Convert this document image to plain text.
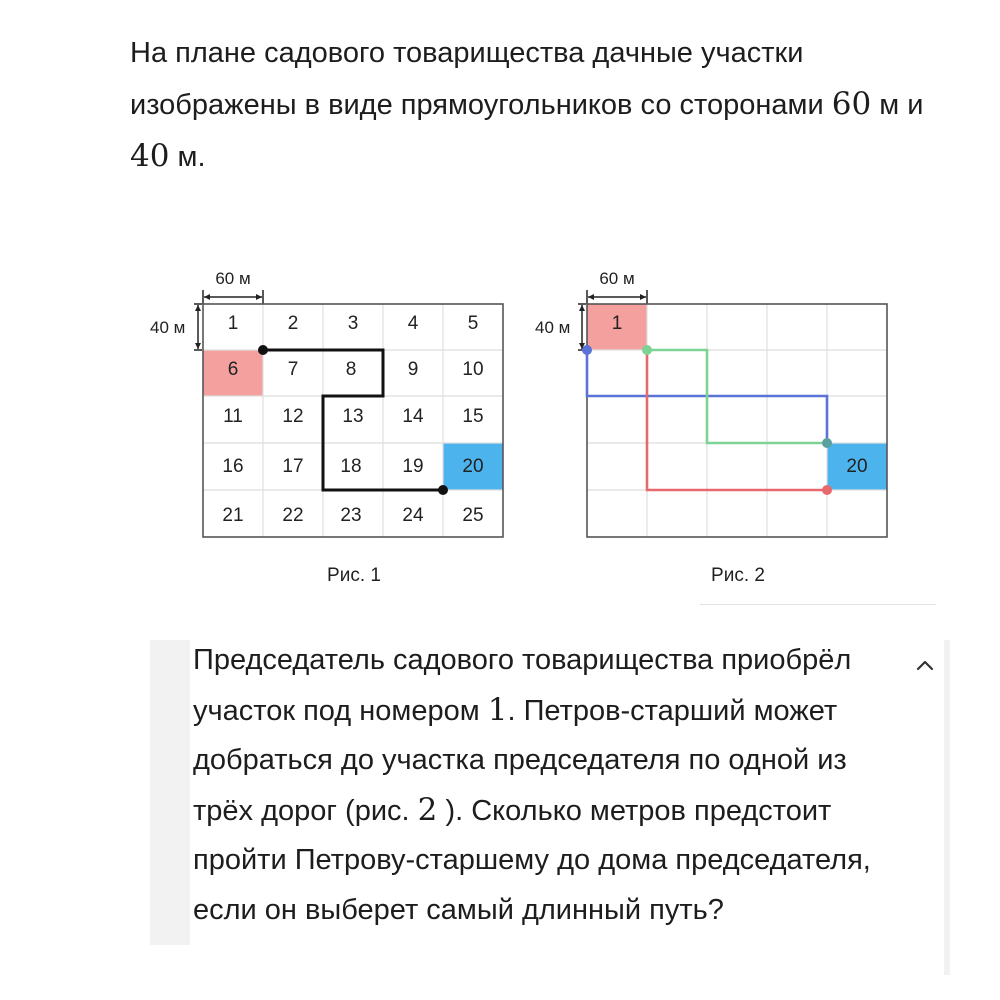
На плане садового товарищества дачные участки изображены в виде прямоугольников со сторонами 60 м и 40 м.
60 м
40 м 1	2	3	4	5
6	7 8	9 10
11 12 13 14 15
16 17 18 19 20
21 22 23 24 25
Рис. 1
60 м
40 м 1
20
Рис. 2
Председатель садового товарищества приобрёл участок под номером 1. Петров-старший может добраться до участка председателя по одной из трёх дорог (рис. 2 ). Сколько метров предстоит пройти Петрову-старшему до дома председателя, если он выберет самый длинный путь?
